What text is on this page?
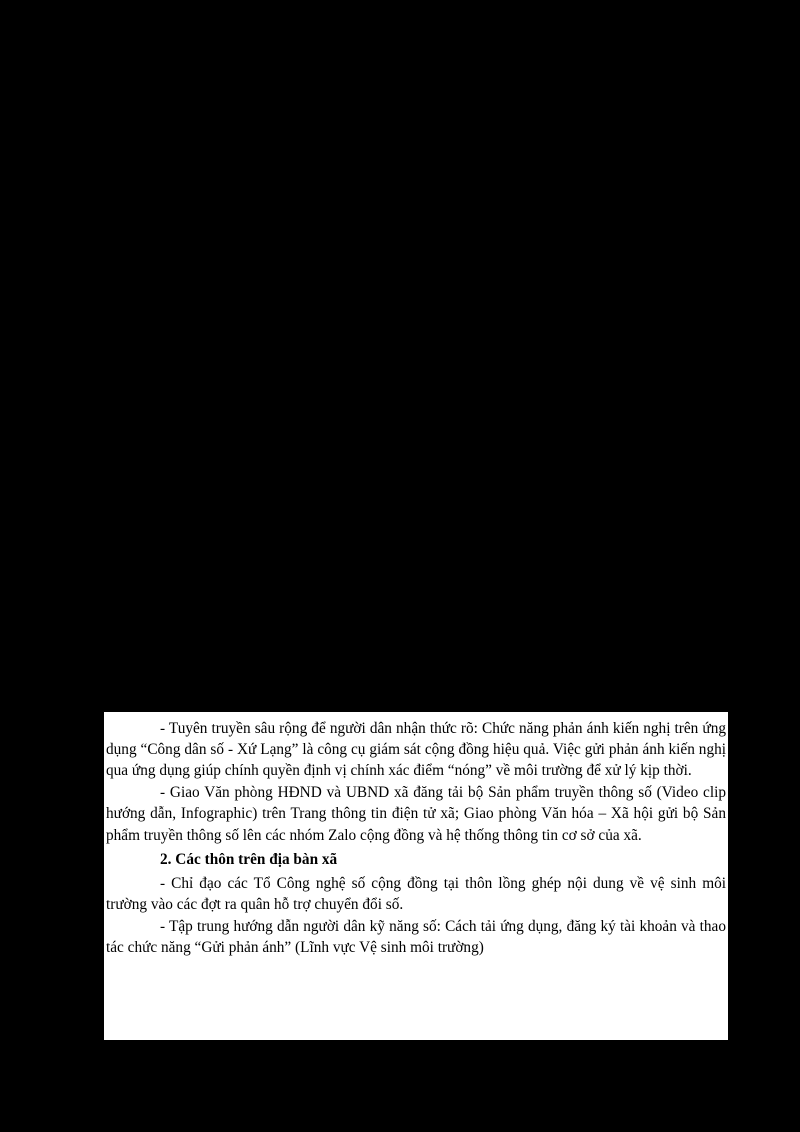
- Tuyên truyền sâu rộng để người dân nhận thức rõ: Chức năng phản ánh kiến nghị trên ứng dụng “Công dân số - Xứ Lạng” là công cụ giám sát cộng đồng hiệu quả. Việc gửi phản ánh kiến nghị qua ứng dụng giúp chính quyền định vị chính xác điểm “nóng” về môi trường để xử lý kịp thời.

- Giao Văn phòng HĐND và UBND xã đăng tải bộ Sản phẩm truyền thông số (Video clip hướng dẫn, Infographic) trên Trang thông tin điện tử xã; Giao phòng Văn hóa – Xã hội gửi bộ Sản phẩm truyền thông số lên các nhóm Zalo cộng đồng và hệ thống thông tin cơ sở của xã.

2. Các thôn trên địa bàn xã

- Chỉ đạo các Tổ Công nghệ số cộng đồng tại thôn lồng ghép nội dung về vệ sinh môi trường vào các đợt ra quân hỗ trợ chuyển đổi số.

- Tập trung hướng dẫn người dân kỹ năng số: Cách tải ứng dụng, đăng ký tài khoản và thao tác chức năng “Gửi phản ánh” (Lĩnh vực Vệ sinh môi trường)
